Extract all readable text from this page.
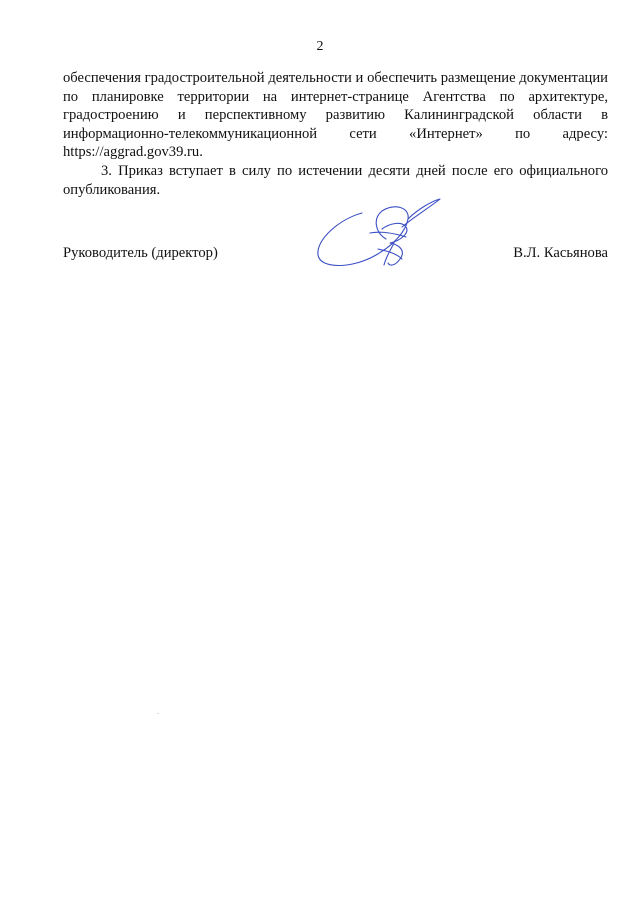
2

обеспечения градостроительной деятельности и обеспечить размещение документации по планировке территории на интернет-странице Агентства по архитектуре, градостроению и перспективному развитию Калининградской области в информационно-телекоммуникационной сети «Интернет» по адресу: https://aggrad.gov39.ru.

3. Приказ вступает в силу по истечении десяти дней после его официального опубликования.

Руководитель (директор)	В.Л. Касьянова
